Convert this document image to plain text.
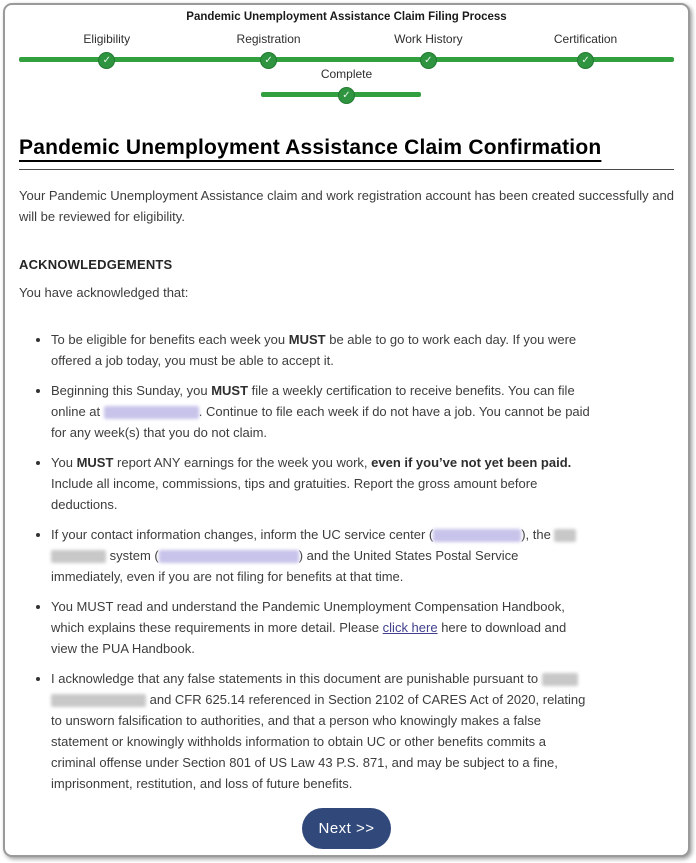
Pandemic Unemployment Assistance Claim Filing Process
Eligibility
✓
Registration
✓
Work History
✓
Certification
✓
Complete
✓
Pandemic Unemployment Assistance Claim Confirmation

Your Pandemic Unemployment Assistance claim and work registration account has been created successfully and will be reviewed for eligibility.

ACKNOWLEDGEMENTS

You have acknowledged that:

• To be eligible for benefits each week you MUST be able to go to work each day. If you were offered a job today, you must be able to accept it.
• Beginning this Sunday, you MUST file a weekly certification to receive benefits. You can file online at	. Continue to file each week if do not have a job. You cannot be paid for any week(s) that you do not claim.
• You MUST report ANY earnings for the week you work, even if you’ve not yet been paid. Include all income, commissions, tips and gratuities. Report the gross amount before deductions.
• If your contact information changes, inform the UC service center (	), the   system (	) and the United States Postal Service immediately, even if you are not filing for benefits at that time.
• You MUST read and understand the Pandemic Unemployment Compensation Handbook, which explains these requirements in more detail. Please click here here to download and view the PUA Handbook.
• I acknowledge that any false statements in this document are punishable pursuant to   and CFR 625.14 referenced in Section 2102 of CARES Act of 2020, relating to unsworn falsification to authorities, and that a person who knowingly makes a false statement or knowingly withholds information to obtain UC or other benefits commits a criminal offense under Section 801 of US Law 43 P.S. 871, and may be subject to a fine, imprisonment, restitution, and loss of future benefits.
Next >>
